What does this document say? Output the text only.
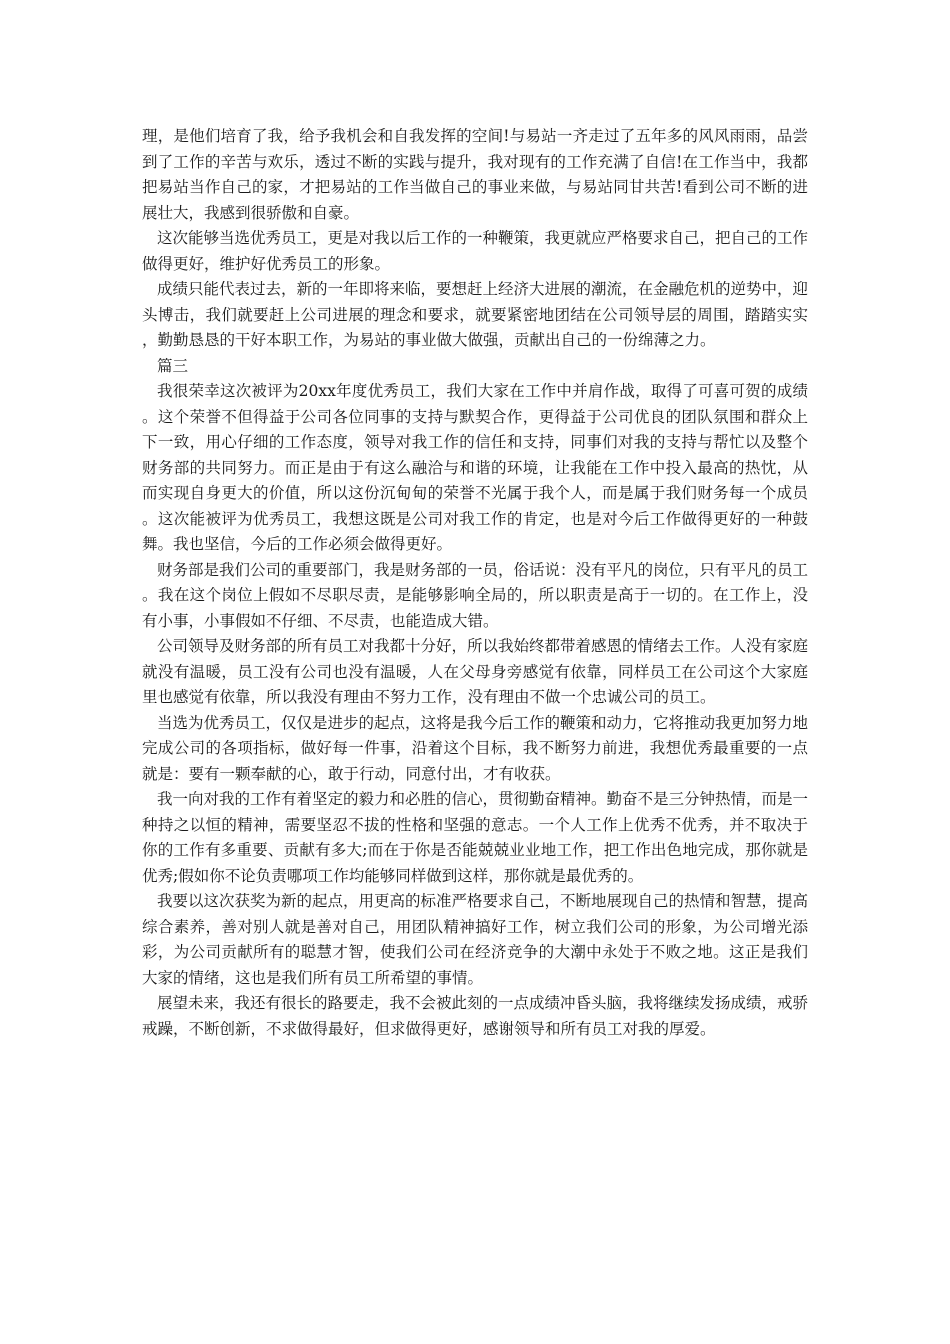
理，是他们培育了我，给予我机会和自我发挥的空间!与易站一齐走过了五年多的风风雨雨，品尝到了工作的辛苦与欢乐，透过不断的实践与提升，我对现有的工作充满了自信!在工作当中，我都把易站当作自己的家，才把易站的工作当做自己的事业来做，与易站同甘共苦!看到公司不断的进展壮大，我感到很骄傲和自豪。

这次能够当选优秀员工，更是对我以后工作的一种鞭策，我更就应严格要求自己，把自己的工作做得更好，维护好优秀员工的形象。

成绩只能代表过去，新的一年即将来临，要想赶上经济大进展的潮流，在金融危机的逆势中，迎头博击，我们就要赶上公司进展的理念和要求，就要紧密地团结在公司领导层的周围，踏踏实实，勤勤恳恳的干好本职工作，为易站的事业做大做强，贡献出自己的一份绵薄之力。

篇三

我很荣幸这次被评为20xx年度优秀员工，我们大家在工作中并肩作战，取得了可喜可贺的成绩。这个荣誉不但得益于公司各位同事的支持与默契合作，更得益于公司优良的团队氛围和群众上下一致，用心仔细的工作态度，领导对我工作的信任和支持，同事们对我的支持与帮忙以及整个财务部的共同努力。而正是由于有这么融洽与和谐的环境，让我能在工作中投入最高的热忱，从而实现自身更大的价值，所以这份沉甸甸的荣誉不光属于我个人，而是属于我们财务每一个成员。这次能被评为优秀员工，我想这既是公司对我工作的肯定，也是对今后工作做得更好的一种鼓舞。我也坚信，今后的工作必须会做得更好。

财务部是我们公司的重要部门，我是财务部的一员，俗话说：没有平凡的岗位，只有平凡的员工。我在这个岗位上假如不尽职尽责，是能够影响全局的，所以职责是高于一切的。在工作上，没有小事，小事假如不仔细、不尽责，也能造成大错。

公司领导及财务部的所有员工对我都十分好，所以我始终都带着感恩的情绪去工作。人没有家庭就没有温暖，员工没有公司也没有温暖，人在父母身旁感觉有依靠，同样员工在公司这个大家庭里也感觉有依靠，所以我没有理由不努力工作，没有理由不做一个忠诚公司的员工。

当选为优秀员工，仅仅是进步的起点，这将是我今后工作的鞭策和动力，它将推动我更加努力地完成公司的各项指标，做好每一件事，沿着这个目标，我不断努力前进，我想优秀最重要的一点就是：要有一颗奉献的心，敢于行动，同意付出，才有收获。

我一向对我的工作有着坚定的毅力和必胜的信心，贯彻勤奋精神。勤奋不是三分钟热情，而是一种持之以恒的精神，需要坚忍不拔的性格和坚强的意志。一个人工作上优秀不优秀，并不取决于你的工作有多重要、贡献有多大;而在于你是否能兢兢业业地工作，把工作出色地完成，那你就是优秀;假如你不论负责哪项工作均能够同样做到这样，那你就是最优秀的。

我要以这次获奖为新的起点，用更高的标准严格要求自己，不断地展现自己的热情和智慧，提高综合素养，善对别人就是善对自己，用团队精神搞好工作，树立我们公司的形象，为公司增光添彩，为公司贡献所有的聪慧才智，使我们公司在经济竞争的大潮中永处于不败之地。这正是我们大家的情绪，这也是我们所有员工所希望的事情。

展望未来，我还有很长的路要走，我不会被此刻的一点成绩冲昏头脑，我将继续发扬成绩，戒骄戒躁，不断创新，不求做得最好，但求做得更好，感谢领导和所有员工对我的厚爱。
